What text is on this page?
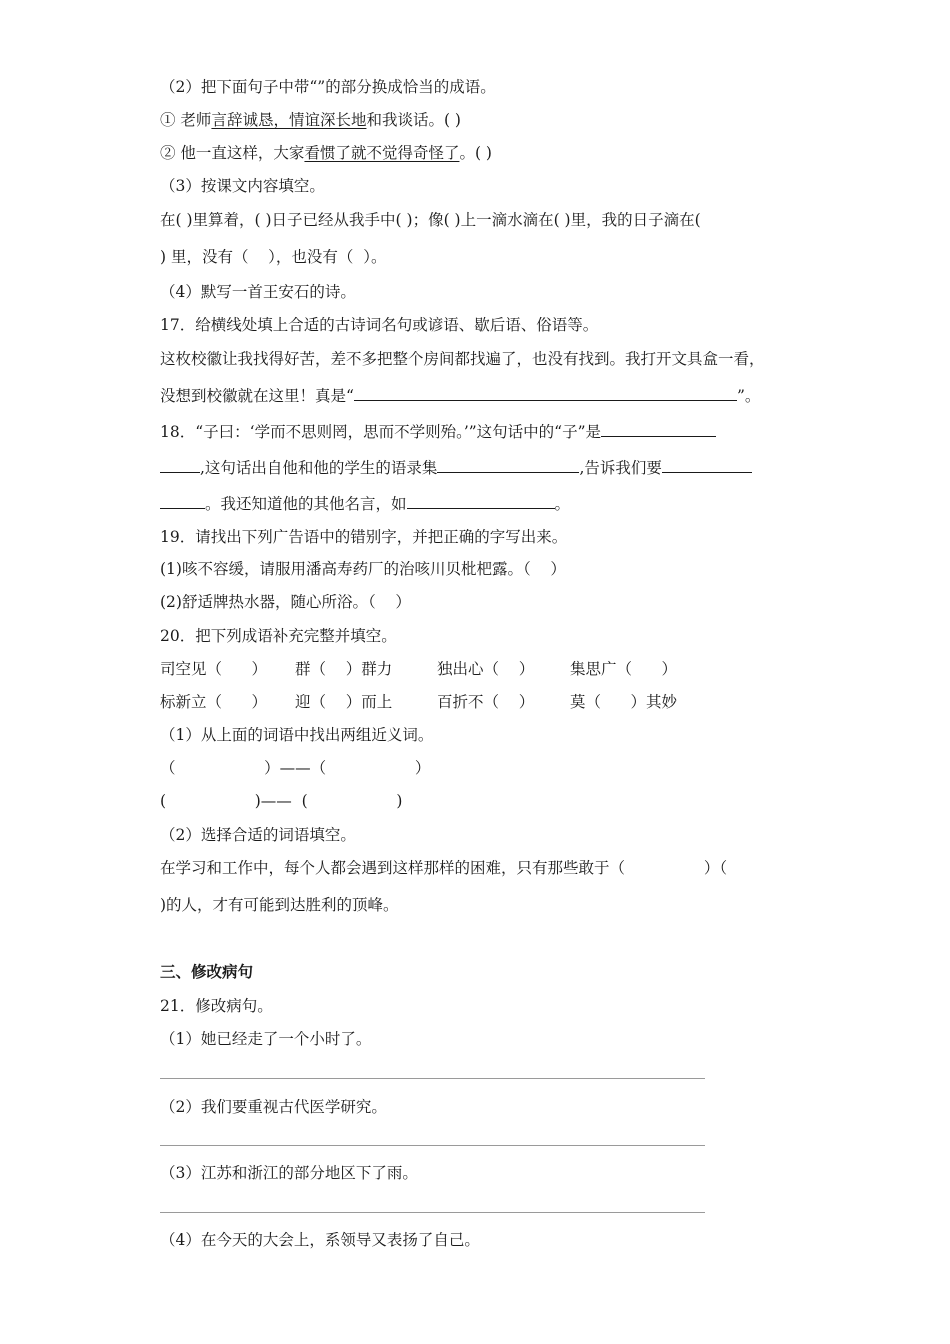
（2）把下面句子中带“”的部分换成恰当的成语。
① 老师言辞诚恳，情谊深长地和我谈话。( )
② 他一直这样，大家看惯了就不觉得奇怪了。( )
（3）按课文内容填空。
在( )里算着，( )日子已经从我手中( )；像( )上一滴水滴在( )里，我的日子滴在(
) 里，没有（    ），也没有（  ）。
（4）默写一首王安石的诗。
17．给横线处填上合适的古诗词名句或谚语、歇后语、俗语等。
这枚校徽让我找得好苦，差不多把整个房间都找遍了，也没有找到。我打开文具盒一看，
没想到校徽就在这里！真是“	”。
18．“子曰：‘学而不思则罔，思而不学则殆。’”这句话中的“子”是
,这句话出自他和他的学生的语录集	,告诉我们要
。我还知道他的其他名言，如	。
19．请找出下列广告语中的错别字，并把正确的字写出来。
(1)咳不容缓，请服用潘高寿药厂的治咳川贝枇杷露。（    ）
(2)舒适牌热水器，随心所浴。（    ）
20．把下列成语补充完整并填空。
司空见（      ） 群（    ）群力	独出心（    ） 集思广（      ）
标新立（      ） 迎（    ）而上	百折不（    ） 莫（      ）其妙
（1）从上面的词语中找出两组近义词。
（                  ）——（                  ）
(                  )——  (                  )
（2）选择合适的词语填空。
在学习和工作中，每个人都会遇到这样那样的困难，只有那些敢于（                ）（
)的人，才有可能到达胜利的顶峰。
三、修改病句
21．修改病句。
（1）她已经走了一个小时了。
（2）我们要重视古代医学研究。
（3）江苏和浙江的部分地区下了雨。
（4）在今天的大会上，系领导又表扬了自己。
